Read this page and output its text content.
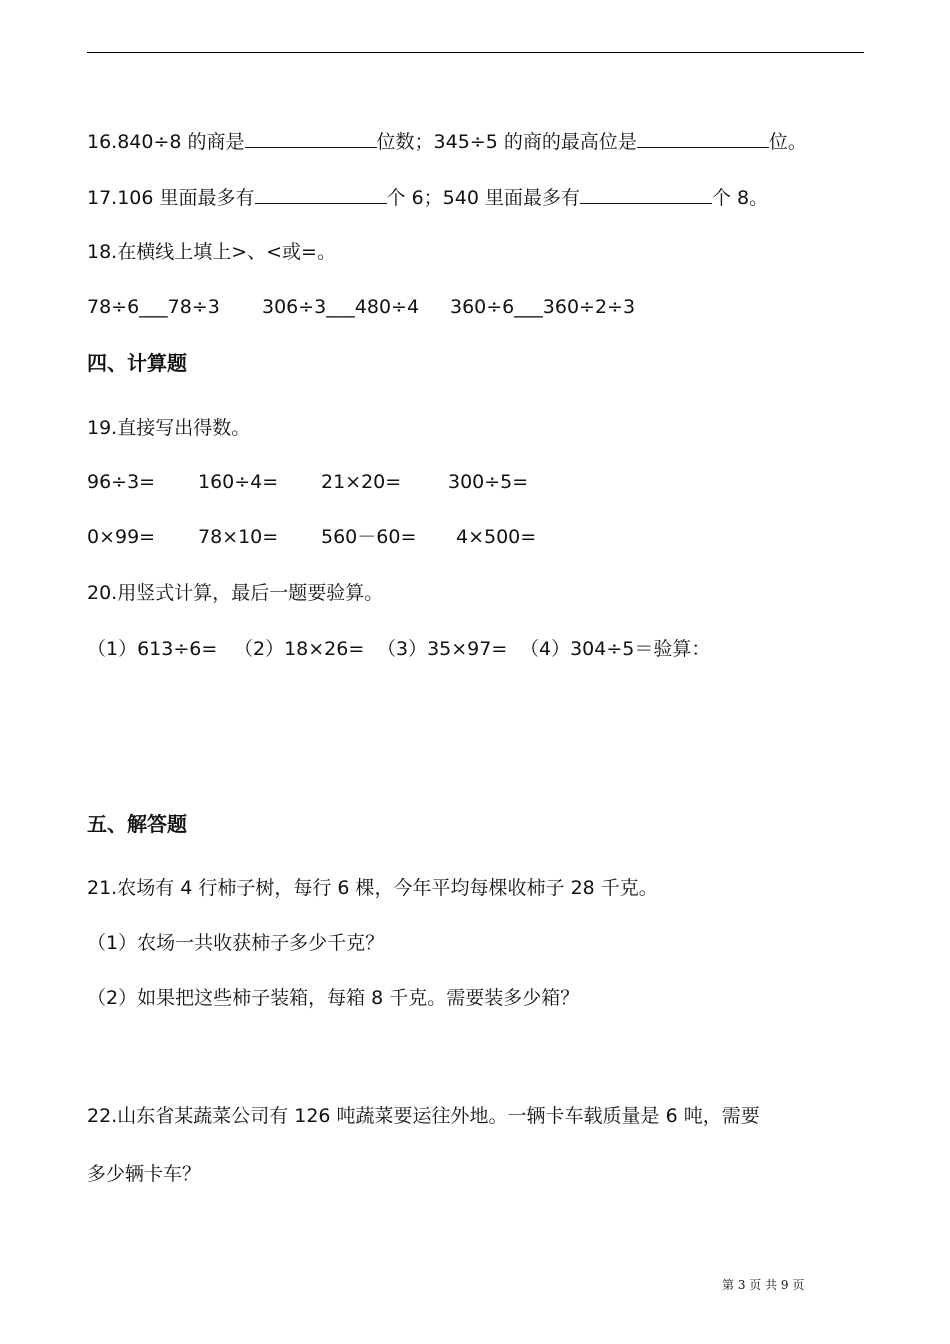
16.840÷8 的商是	位数；345÷5 的商的最高位是	位。
17.106 里面最多有	个 6；540 里面最多有	个 8。
18.在横线上填上>、<或=。
78÷6___78÷3 306÷3___480÷4 360÷6___360÷2÷3
四、计算题
19.直接写出得数。
96÷3= 160÷4= 21×20= 300÷5=
0×99= 78×10= 560－60= 4×500=
20.用竖式计算，最后一题要验算。
（1）613÷6= （2）18×26= （3）35×97= （4）304÷5＝验算：
五、解答题
21.农场有 4 行柿子树，每行 6 棵，今年平均每棵收柿子 28 千克。
（1）农场一共收获柿子多少千克？
（2）如果把这些柿子装箱，每箱 8 千克。需要装多少箱？
22.山东省某蔬菜公司有 126 吨蔬菜要运往外地。一辆卡车载质量是 6 吨，需要
多少辆卡车？
第 3 页 共 9 页
